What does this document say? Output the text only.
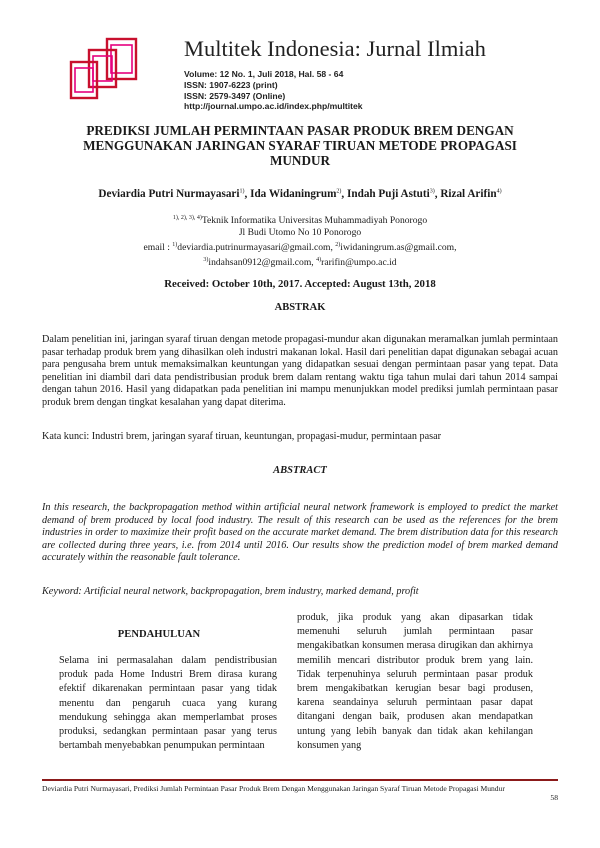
Multitek Indonesia: Jurnal Ilmiah
Volume: 12 No. 1, Juli 2018, Hal. 58 - 64
ISSN: 1907-6223 (print)
ISSN: 2579-3497 (Online)
http://journal.umpo.ac.id/index.php/multitek
PREDIKSI JUMLAH PERMINTAAN PASAR PRODUK BREM DENGAN
MENGGUNAKAN JARINGAN SYARAF TIRUAN METODE PROPAGASI
MUNDUR
Deviardia Putri Nurmayasari$^{1)}$, Ida Widaningrum$^{2)}$, Indah Puji Astuti$^{3)}$, Rizal Arifin$^{4)}$
$^{1), 2), 3), 4)}$Teknik Informatika Universitas Muhammadiyah Ponorogo
Jl Budi Utomo No 10 Ponorogo
email : $^{1)}$deviardia.putrinurmayasari@gmail.com, $^{2)}$iwidaningrum.as@gmail.com,
$^{3)}$indahsan0912@gmail.com, $^{4)}$rarifin@umpo.ac.id
Received: October 10th, 2017. Accepted: August 13th, 2018
ABSTRAK
Dalam penelitian ini, jaringan syaraf tiruan dengan metode propagasi-mundur akan digunakan meramalkan jumlah permintaan pasar terhadap produk brem yang dihasilkan oleh industri makanan lokal. Hasil dari penelitian dapat digunakan sebagai acuan para pengusaha brem untuk memaksimalkan keuntungan yang didapatkan sesuai dengan permintaan pasar yang tepat. Data penelitian ini diambil dari data pendistribusian produk brem dalam rentang waktu tiga tahun mulai dari tahun 2014 sampai dengan tahun 2016. Hasil yang didapatkan pada penelitian ini mampu menunjukkan model prediksi jumlah permintaan pasar produk brem dengan tingkat kesalahan yang dapat diterima.
Kata kunci: Industri brem, jaringan syaraf tiruan, keuntungan, propagasi-mudur, permintaan pasar
ABSTRACT
In this research, the backpropagation method within artificial neural network framework is employed to predict the market demand of brem produced by local food industry. The result of this research can be used as the references for the brem industries in order to maximize their profit based on the accurate market demand. The brem distribution data for this research are collected during three years, i.e. from 2014 until 2016. Our results show the prediction model of brem marked demand accurately within the reasonable fault tolerance.
Keyword: Artificial neural network, backpropagation, brem industry, marked demand, profit
PENDAHULUAN
Selama ini permasalahan dalam pendistribusian produk pada Home Industri Brem dirasa kurang efektif dikarenakan permintaan pasar yang tidak menentu dan pengaruh cuaca yang kurang mendukung sehingga akan memperlambat proses produksi, sedangkan permintaan pasar yang terus bertambah menyebabkan penumpukan permintaan
produk, jika produk yang akan dipasarkan tidak memenuhi seluruh jumlah permintaan pasar mengakibatkan konsumen merasa dirugikan dan akhirnya memilih mencari distributor produk brem yang lain. Tidak terpenuhinya seluruh permintaan pasar produk brem mengakibatkan kerugian besar bagi produsen, karena seandainya seluruh permintaan pasar dapat ditangani dengan baik, produsen akan mendapatkan untung yang lebih banyak dan tidak akan kehilangan konsumen yang
Deviardia Putri Nurmayasari, Prediksi Jumlah Permintaan Pasar Produk Brem Dengan Menggunakan Jaringan Syaraf Tiruan Metode Propagasi Mundur
58
